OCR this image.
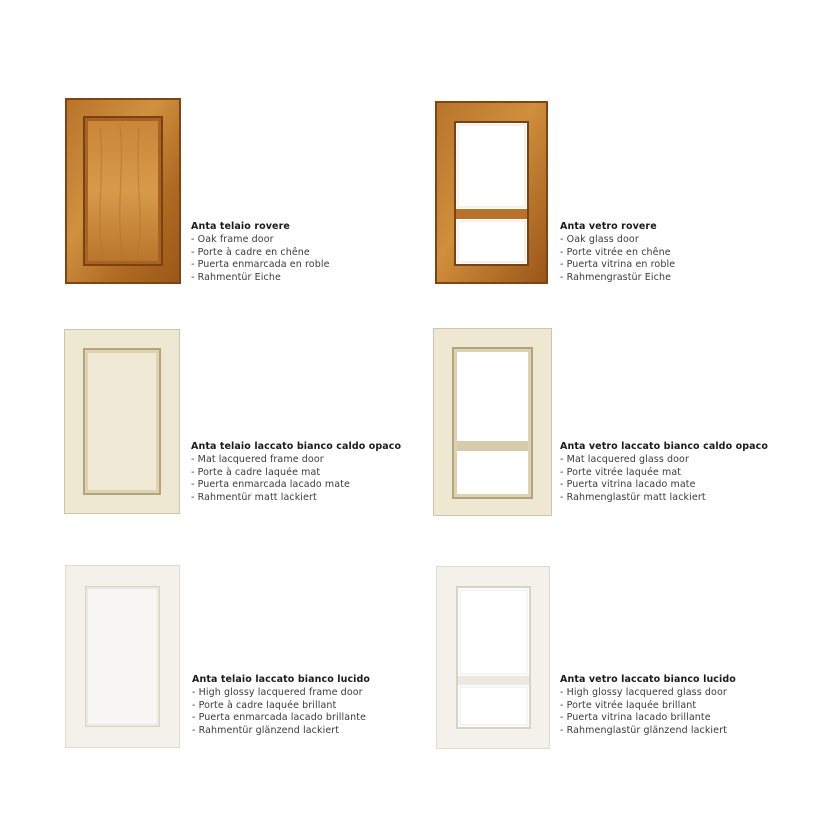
Anta telaio rovere
- Oak frame door
- Porte à cadre en chêne
- Puerta enmarcada en roble
- Rahmentür Eiche
Anta vetro rovere
- Oak glass door
- Porte vitrée en chêne
- Puerta vitrina en roble
- Rahmengrastür Eiche
Anta telaio laccato bianco caldo opaco
- Mat lacquered frame door
- Porte à cadre laquée mat
- Puerta enmarcada lacado mate
- Rahmentür matt lackiert
Anta vetro laccato bianco caldo opaco
- Mat lacquered glass door
- Porte vitrée laquée mat
- Puerta vitrina lacado mate
- Rahmenglastür matt lackiert
Anta telaio laccato bianco lucido
- High glossy lacquered frame door
- Porte à cadre laquée brillant
- Puerta enmarcada lacado brillante
- Rahmentür glänzend lackiert
Anta vetro laccato bianco lucido
- High glossy lacquered glass door
- Porte vitrée laquée brillant
- Puerta vitrina lacado brillante
- Rahmenglastür glänzend lackiert
